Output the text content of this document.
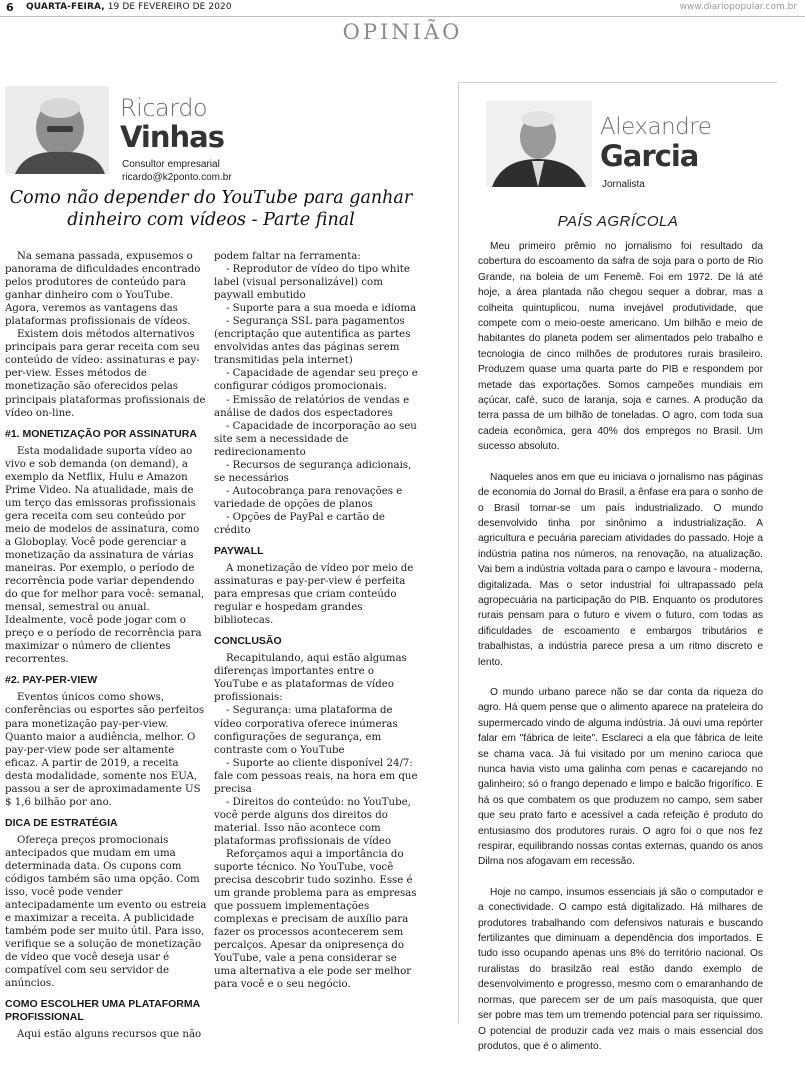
6 QUARTA-FEIRA, 19 DE FEVEREIRO DE 2020	www.diariopopular.com.br
OPINIÃO
Ricardo
Vinhas
Consultor empresarial
ricardo@k2ponto.com.br
Como não depender do YouTube para ganhar dinheiro com vídeos - Parte final

Na semana passada, expusemos o panorama de dificuldades encontrado pelos produtores de conteúdo para ganhar dinheiro com o YouTube. Agora, veremos as vantagens das plataformas profissionais de vídeos.

Existem dois métodos alternativos principais para gerar receita com seu conteúdo de vídeo: assinaturas e pay-per-view. Esses métodos de monetização são oferecidos pelas principais plataformas profissionais de vídeo on-line.

#1. MONETIZAÇÃO POR ASSINATURA

Esta modalidade suporta vídeo ao vivo e sob demanda (on demand), a exemplo da Netflix, Hulu e Amazon Prime Video. Na atualidade, mais de um terço das emissoras profissionais gera receita com seu conteúdo por meio de modelos de assinatura, como a Globoplay. Você pode gerenciar a monetização da assinatura de várias maneiras. Por exemplo, o período de recorrência pode variar dependendo do que for melhor para você: semanal, mensal, semestral ou anual. Idealmente, você pode jogar com o preço e o período de recorrência para maximizar o número de clientes recorrentes.

#2. PAY-PER-VIEW

Eventos únicos como shows, conferências ou esportes são perfeitos para monetização pay-per-view. Quanto maior a audiência, melhor. O pay-per-view pode ser altamente eficaz. A partir de 2019, a receita desta modalidade, somente nos EUA, passou a ser de aproximadamente US $ 1,6 bilhão por ano.

DICA DE ESTRATÉGIA

Ofereça preços promocionais antecipados que mudam em uma determinada data. Os cupons com códigos também são uma opção. Com isso, você pode vender antecipadamente um evento ou estreia e maximizar a receita. A publicidade também pode ser muito útil. Para isso, verifique se a solução de monetização de vídeo que você deseja usar é compatível com seu servidor de anúncios.

COMO ESCOLHER UMA PLATAFORMA PROFISSIONAL

Aqui estão alguns recursos que não

podem faltar na ferramenta:

- Reprodutor de vídeo do tipo white label (visual personalizável) com paywall embutido

- Suporte para a sua moeda e idioma

- Segurança SSL para pagamentos (encriptação que autentifica as partes envolvidas antes das páginas serem transmitidas pela internet)

- Capacidade de agendar seu preço e configurar códigos promocionais.

- Emissão de relatórios de vendas e análise de dados dos espectadores

- Capacidade de incorporação ao seu site sem a necessidade de redirecionamento

- Recursos de segurança adicionais, se necessários

- Autocobrança para renovações e variedade de opções de planos

- Opções de PayPal e cartão de crédito

PAYWALL

A monetização de vídeo por meio de assinaturas e pay-per-view é perfeita para empresas que criam conteúdo regular e hospedam grandes bibliotecas.

CONCLUSÃO

Recapitulando, aqui estão algumas diferenças importantes entre o YouTube e as plataformas de vídeo profissionais:

- Segurança: uma plataforma de vídeo corporativa oferece inúmeras configurações de segurança, em contraste com o YouTube

- Suporte ao cliente disponível 24/7: fale com pessoas reais, na hora em que precisa

- Direitos do conteúdo: no YouTube, você perde alguns dos direitos do material. Isso não acontece com plataformas profissionais de vídeo

Reforçamos aqui a importância do suporte técnico. No YouTube, você precisa descobrir tudo sozinho. Esse é um grande problema para as empresas que possuem implementações complexas e precisam de auxílio para fazer os processos acontecerem sem percalços. Apesar da onipresença do YouTube, vale a pena considerar se uma alternativa a ele pode ser melhor para você e o seu negócio.

Alexandre
Garcia
Jornalista
PAÍS AGRÍCOLA

Meu primeiro prêmio no jornalismo foi resultado da cobertura do escoamento da safra de soja para o porto de Rio Grande, na boleia de um Fenemê. Foi em 1972. De lá até hoje, a área plantada não chegou sequer a dobrar, mas a colheita quintuplicou, numa invejável produtividade, que compete com o meio-oeste americano. Um bilhão e meio de habitantes do planeta podem ser alimentados pelo trabalho e tecnologia de cinco milhões de produtores rurais brasileiro. Produzem quase uma quarta parte do PIB e respondem por metade das exportações. Somos campeões mundiais em açúcar, café, suco de laranja, soja e carnes. A produção da terra passa de um bilhão de toneladas. O agro, com toda sua cadeia econômica, gera 40% dos empregos no Brasil. Um sucesso absoluto.

Naqueles anos em que eu iniciava o jornalismo nas páginas de economia do Jornal do Brasil, a ênfase era para o sonho de o Brasil tornar-se um país industrializado. O mundo desenvolvido tinha por sinônimo a industrialização. A agricultura e pecuária pareciam atividades do passado. Hoje a indústria patina nos números, na renovação, na atualização. Vai bem a indústria voltada para o campo e lavoura - moderna, digitalizada. Mas o setor industrial foi ultrapassado pela agropecuária na participação do PIB. Enquanto os produtores rurais pensam para o futuro e vivem o futuro, com todas as dificuldades de escoamento e embargos tributários e trabalhistas, a indústria parece presa a um ritmo discreto e lento.

O mundo urbano parece não se dar conta da riqueza do agro. Há quem pense que o alimento aparece na prateleira do supermercado vindo de alguma indústria. Já ouvi uma repórter falar em "fábrica de leite". Esclareci a ela que fábrica de leite se chama vaca. Já fui visitado por um menino carioca que nunca havia visto uma galinha com penas e cacarejando no galinheiro; só o frango depenado e limpo e balcão frigorífico. E há os que combatem os que produzem no campo, sem saber que seu prato farto e acessível a cada refeição é produto do entusiasmo dos produtores rurais. O agro foi o que nos fez respirar, equilibrando nossas contas externas, quando os anos Dilma nos afogavam em recessão.

Hoje no campo, insumos essenciais já são o computador e a conectividade. O campo está digitalizado. Há milhares de produtores trabalhando com defensivos naturais e buscando fertilizantes que diminuam a dependência dos importados. E tudo isso ocupando apenas uns 8% do território nacional. Os ruralistas do brasilzão real estão dando exemplo de desenvolvimento e progresso, mesmo com o emaranhando de normas, que parecem ser de um país masoquista, que quer ser pobre mas tem um tremendo potencial para ser riquíssimo. O potencial de produzir cada vez mais o mais essencial dos produtos, que é o alimento.
